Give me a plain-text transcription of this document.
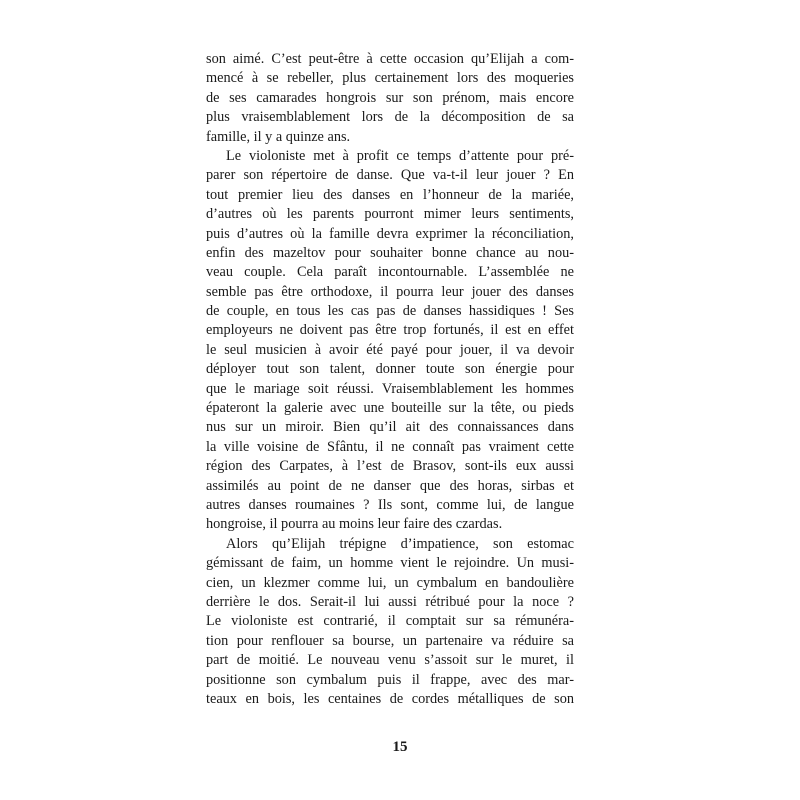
son aimé. C’est peut-être à cette occasion qu’Elijah a com-
mencé à se rebeller, plus certainement lors des moqueries
de ses camarades hongrois sur son prénom, mais encore
plus vraisemblablement lors de la décomposition de sa
famille, il y a quinze ans.
Le violoniste met à profit ce temps d’attente pour pré-
parer son répertoire de danse. Que va-t-il leur jouer ? En
tout premier lieu des danses en l’honneur de la mariée,
d’autres où les parents pourront mimer leurs sentiments,
puis d’autres où la famille devra exprimer la réconciliation,
enfin des mazeltov pour souhaiter bonne chance au nou-
veau couple. Cela paraît incontournable. L’assemblée ne
semble pas être orthodoxe, il pourra leur jouer des danses
de couple, en tous les cas pas de danses hassidiques ! Ses
employeurs ne doivent pas être trop fortunés, il est en effet
le seul musicien à avoir été payé pour jouer, il va devoir
déployer tout son talent, donner toute son énergie pour
que le mariage soit réussi. Vraisemblablement les hommes
épateront la galerie avec une bouteille sur la tête, ou pieds
nus sur un miroir. Bien qu’il ait des connaissances dans
la ville voisine de Sfântu, il ne connaît pas vraiment cette
région des Carpates, à l’est de Brasov, sont-ils eux aussi
assimilés au point de ne danser que des horas, sirbas et
autres danses roumaines ? Ils sont, comme lui, de langue
hongroise, il pourra au moins leur faire des czardas.
Alors qu’Elijah trépigne d’impatience, son estomac
gémissant de faim, un homme vient le rejoindre. Un musi-
cien, un klezmer comme lui, un cymbalum en bandoulière
derrière le dos. Serait-il lui aussi rétribué pour la noce ?
Le violoniste est contrarié, il comptait sur sa rémunéra-
tion pour renflouer sa bourse, un partenaire va réduire sa
part de moitié. Le nouveau venu s’assoit sur le muret, il
positionne son cymbalum puis il frappe, avec des mar-
teaux en bois, les centaines de cordes métalliques de son
15
